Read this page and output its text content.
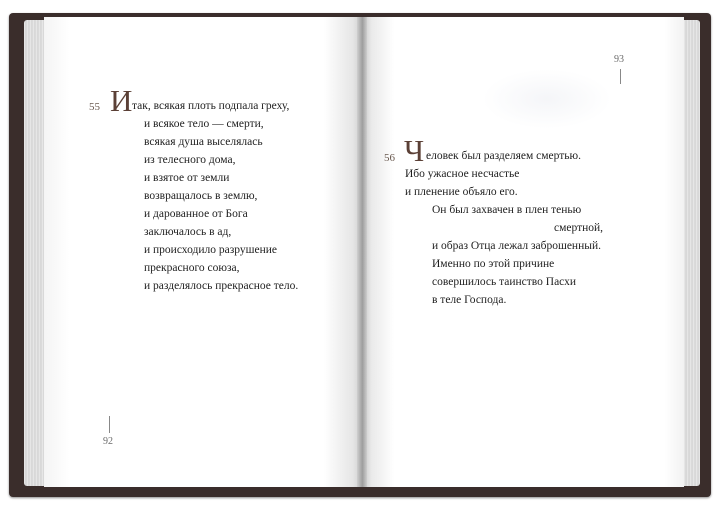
55 И так, всякая плоть подпала греху,
и всякое тело — смерти,
всякая душа выселялась
из телесного дома,
и взятое от земли
возвращалось в землю,
и дарованное от Бога
заключалось в ад,
и происходило разрушение
прекрасного союза,
и разделялось прекрасное тело.
92
93
56 Ч еловек был разделяем смертью.
Ибо ужасное несчастье
и пленение объяло его.
Он был захвачен в плен тенью
смертной,
и образ Отца лежал заброшенный.
Именно по этой причине
совершилось таинство Пасхи
в теле Господа.
